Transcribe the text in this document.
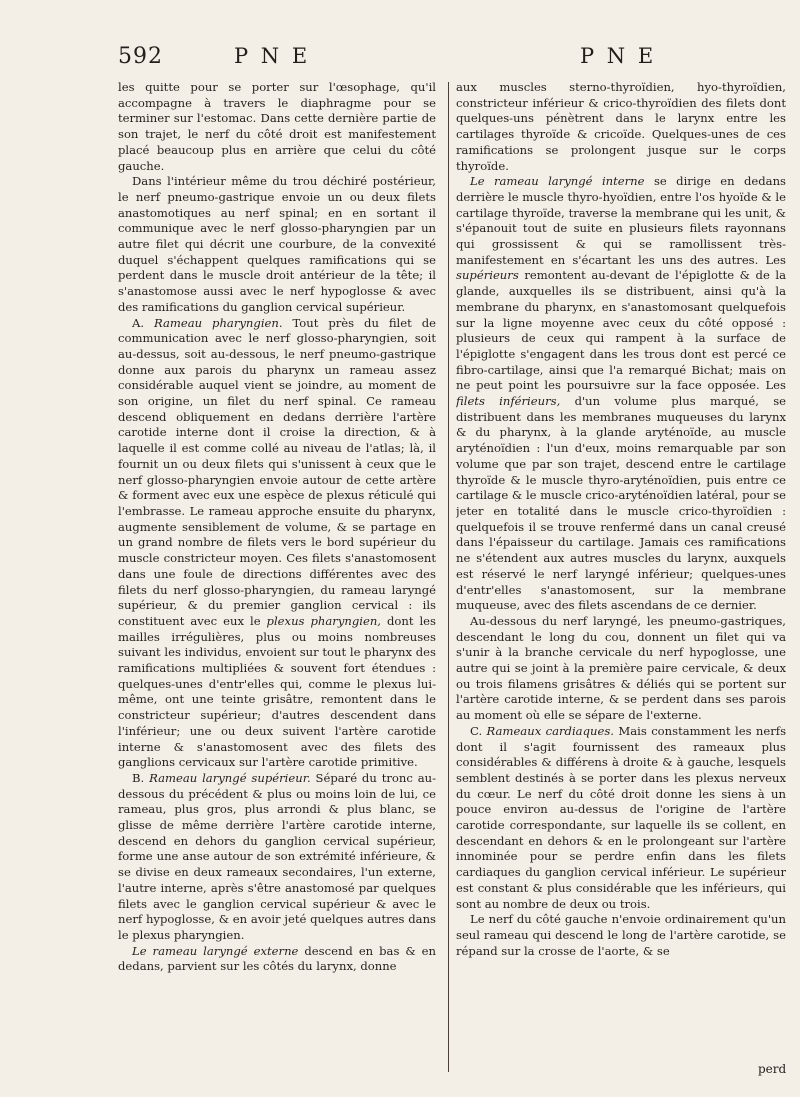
592	P N E	P N E

les quitte pour se porter sur l'œsophage, qu'il accompagne à travers le diaphragme pour se terminer sur l'estomac. Dans cette dernière partie de son trajet, le nerf du côté droit est manifestement placé beaucoup plus en arrière que celui du côté gauche.

Dans l'intérieur même du trou déchiré postérieur, le nerf pneumo-gastrique envoie un ou deux filets anastomotiques au nerf spinal; en en sortant il communique avec le nerf glosso-pharyngien par un autre filet qui décrit une courbure, de la convexité duquel s'échappent quelques ramifications qui se perdent dans le muscle droit antérieur de la tête; il s'anastomose aussi avec le nerf hypoglosse & avec des ramifications du ganglion cervical supérieur.

A. Rameau pharyngien. Tout près du filet de communication avec le nerf glosso-pharyngien, soit au-dessus, soit au-dessous, le nerf pneumo-gastrique donne aux parois du pharynx un rameau assez considérable auquel vient se joindre, au moment de son origine, un filet du nerf spinal. Ce rameau descend obliquement en dedans derrière l'artère carotide interne dont il croise la direction, & à laquelle il est comme collé au niveau de l'atlas; là, il fournit un ou deux filets qui s'unissent à ceux que le nerf glosso-pharyngien envoie autour de cette artère & forment avec eux une espèce de plexus réticulé qui l'embrasse. Le rameau approche ensuite du pharynx, augmente sensiblement de volume, & se partage en un grand nombre de filets vers le bord supérieur du muscle constricteur moyen. Ces filets s'anastomosent dans une foule de directions différentes avec des filets du nerf glosso-pharyngien, du rameau laryngé supérieur, & du premier ganglion cervical : ils constituent avec eux le plexus pharyngien, dont les mailles irrégulières, plus ou moins nombreuses suivant les individus, envoient sur tout le pharynx des ramifications multipliées & souvent fort étendues : quelques-unes d'entr'elles qui, comme le plexus lui-même, ont une teinte grisâtre, remontent dans le constricteur supérieur; d'autres descendent dans l'inférieur; une ou deux suivent l'artère carotide interne & s'anastomosent avec des filets des ganglions cervicaux sur l'artère carotide primitive.

B. Rameau laryngé supérieur. Séparé du tronc au-dessous du précédent & plus ou moins loin de lui, ce rameau, plus gros, plus arrondi & plus blanc, se glisse de même derrière l'artère carotide interne, descend en dehors du ganglion cervical supérieur, forme une anse autour de son extrémité inférieure, & se divise en deux rameaux secondaires, l'un externe, l'autre interne, après s'être anastomosé par quelques filets avec le ganglion cervical supérieur & avec le nerf hypoglosse, & en avoir jeté quelques autres dans le plexus pharyngien.

Le rameau laryngé externe descend en bas & en dedans, parvient sur les côtés du larynx, donne

aux muscles sterno-thyroïdien, hyo-thyroïdien, constricteur inférieur & crico-thyroïdien des filets dont quelques-uns pénètrent dans le larynx entre les cartilages thyroïde & cricoïde. Quelques-unes de ces ramifications se prolongent jusque sur le corps thyroïde.

Le rameau laryngé interne se dirige en dedans derrière le muscle thyro-hyoïdien, entre l'os hyoïde & le cartilage thyroïde, traverse la membrane qui les unit, & s'épanouit tout de suite en plusieurs filets rayonnans qui grossissent & qui se ramollissent très-manifestement en s'écartant les uns des autres. Les supérieurs remontent au-devant de l'épiglotte & de la glande, auxquelles ils se distribuent, ainsi qu'à la membrane du pharynx, en s'anastomosant quelquefois sur la ligne moyenne avec ceux du côté opposé : plusieurs de ceux qui rampent à la surface de l'épiglotte s'engagent dans les trous dont est percé ce fibro-cartilage, ainsi que l'a remarqué Bichat; mais on ne peut point les poursuivre sur la face opposée. Les filets inférieurs, d'un volume plus marqué, se distribuent dans les membranes muqueuses du larynx & du pharynx, à la glande aryténoïde, au muscle aryténoïdien : l'un d'eux, moins remarquable par son volume que par son trajet, descend entre le cartilage thyroïde & le muscle thyro-aryténoïdien, puis entre ce cartilage & le muscle crico-aryténoïdien latéral, pour se jeter en totalité dans le muscle crico-thyroïdien : quelquefois il se trouve renfermé dans un canal creusé dans l'épaisseur du cartilage. Jamais ces ramifications ne s'étendent aux autres muscles du larynx, auxquels est réservé le nerf laryngé inférieur; quelques-unes d'entr'elles s'anastomosent, sur la membrane muqueuse, avec des filets ascendans de ce dernier.

Au-dessous du nerf laryngé, les pneumo-gastriques, descendant le long du cou, donnent un filet qui va s'unir à la branche cervicale du nerf hypoglosse, une autre qui se joint à la première paire cervicale, & deux ou trois filamens grisâtres & déliés qui se portent sur l'artère carotide interne, & se perdent dans ses parois au moment où elle se sépare de l'externe.

C. Rameaux cardiaques. Mais constamment les nerfs dont il s'agit fournissent des rameaux plus considérables & différens à droite & à gauche, lesquels semblent destinés à se porter dans les plexus nerveux du cœur. Le nerf du côté droit donne les siens à un pouce environ au-dessus de l'origine de l'artère carotide correspondante, sur laquelle ils se collent, en descendant en dehors & en le prolongeant sur l'artère innominée pour se perdre enfin dans les filets cardiaques du ganglion cervical inférieur. Le supérieur est constant & plus considérable que les inférieurs, qui sont au nombre de deux ou trois.

Le nerf du côté gauche n'envoie ordinairement qu'un seul rameau qui descend le long de l'artère carotide, se répand sur la crosse de l'aorte, & se

perd
